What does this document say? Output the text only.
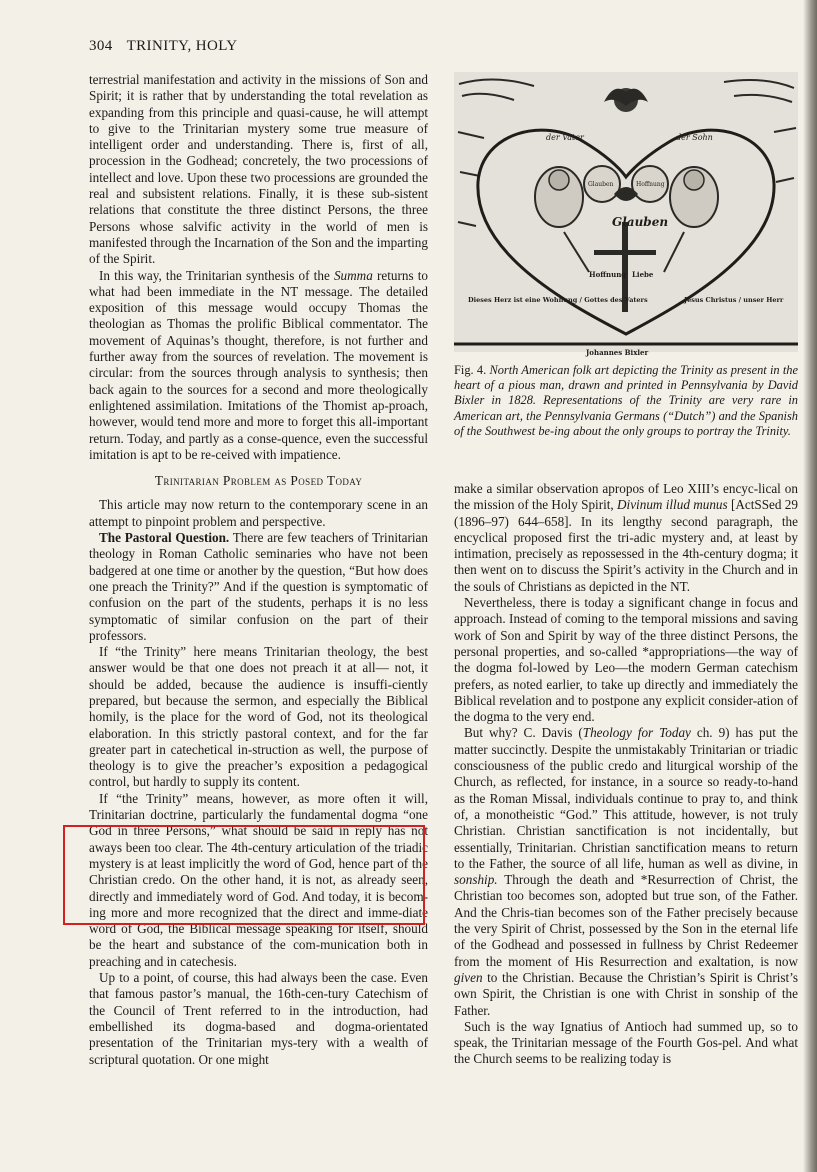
304 TRINITY, HOLY

terrestrial manifestation and activity in the missions of Son and Spirit; it is rather that by understanding the total revelation as expanding from this principle and quasi-cause, he will attempt to give to the Trinitarian mystery some true measure of intelligent order and understanding. There is, first of all, procession in the Godhead; concretely, the two processions of intellect and love. Upon these two processions are grounded the real and subsistent relations. Finally, it is these sub-sistent relations that constitute the three distinct Persons, the three Persons whose salvific activity in the world of men is manifested through the Incarnation of the Son and the imparting of the Spirit.

In this way, the Trinitarian synthesis of the Summa returns to what had been immediate in the NT message. The detailed exposition of this message would occupy Thomas the theologian as Thomas the prolific Biblical commentator. The movement of Aquinas’s thought, therefore, is not further and further away from the sources of revelation. The movement is circular: from the sources through analysis to synthesis; then back again to the sources for a second and more theologically enlightened assimilation. Imitations of the Thomist ap-proach, however, would tend more and more to forget this all-important return. Today, and partly as a conse-quence, even the successful imitation is apt to be re-ceived with impatience.

Trinitarian Problem as Posed Today

This article may now return to the contemporary scene in an attempt to pinpoint problem and perspective.

The Pastoral Question. There are few teachers of Trinitarian theology in Roman Catholic seminaries who have not been badgered at one time or another by the question, “But how does one preach the Trinity?” And if the question is symptomatic of confusion on the part of the students, perhaps it is no less symptomatic of similar confusion on the part of their professors.

If “the Trinity” here means Trinitarian theology, the best answer would be that one does not preach it at all— not, it should be added, because the audience is insuffi-ciently prepared, but because the sermon, and especially the Biblical homily, is the place for the word of God, not its theological elaboration. In this strictly pastoral context, and for the far greater part in catechetical in-struction as well, the purpose of theology is to give the preacher’s exposition a pedagogical control, but hardly to supply its content.

If “the Trinity” means, however, as more often it will, Trinitarian doctrine, particularly the fundamental dogma “one God in three Persons,” what should be said in reply has not aways been too clear. The 4th-century articulation of the triadic mystery is at least implicitly the word of God, hence part of the Christian credo. On the other hand, it is not, as already seen, directly and immediately word of God. And today, it is becom-ing more and more recognized that the direct and imme-diate word of God, the Biblical message speaking for itself, should be the heart and substance of the com-munication both in preaching and in catechesis.

Up to a point, of course, this had always been the case. Even that famous pastor’s manual, the 16th-cen-tury Catechism of the Council of Trent referred to in the introduction, had embellished its dogma-based and dogma-orientated presentation of the Trinitarian mys-tery with a wealth of scriptural quotation. Or one might

der Vater	der Sohn
Glauben
Glauben	Hoffnung
Hoffnung Liebe
Dieses Herz ist eine Wohnung / Gottes des Vaters	Jesus Christus / unser Herr
Johannes Bixler
Fig. 4. North American folk art depicting the Trinity as present in the heart of a pious man, drawn and printed in Pennsylvania by David Bixler in 1828. Representations of the Trinity are very rare in American art, the Pennsylvania Germans (“Dutch”) and the Spanish of the Southwest be-ing about the only groups to portray the Trinity.

make a similar observation apropos of Leo XIII’s encyc-lical on the mission of the Holy Spirit, Divinum illud munus [ActSSed 29 (1896–97) 644–658]. In its lengthy second paragraph, the encyclical proposed first the tri-adic mystery and, at least by intimation, precisely as repossessed in the 4th-century dogma; it then went on to discuss the Spirit’s activity in the Church and in the souls of Christians as depicted in the NT.

Nevertheless, there is today a significant change in focus and approach. Instead of coming to the temporal missions and saving work of Son and Spirit by way of the three distinct Persons, the personal properties, and so-called *appropriations—the way of the dogma fol-lowed by Leo—the modern German catechism prefers, as noted earlier, to take up directly and immediately the Biblical revelation and to postpone any explicit consider-ation of the dogma to the very end.

But why? C. Davis (Theology for Today ch. 9) has put the matter succinctly. Despite the unmistakably Trinitarian or triadic consciousness of the public credo and liturgical worship of the Church, as reflected, for instance, in a source so ready-to-hand as the Roman Missal, individuals continue to pray to, and think of, a monotheistic “God.” This attitude, however, is not truly Christian. Christian sanctification is not incidentally, but essentially, Trinitarian. Christian sanctification means to return to the Father, the source of all life, human as well as divine, in sonship. Through the death and *Resurrection of Christ, the Christian too becomes son, adopted but true son, of the Father. And the Chris-tian becomes son of the Father precisely because the very Spirit of Christ, possessed by the Son in the eternal life of the Godhead and possessed in fullness by Christ Redeemer from the moment of His Resurrection and exaltation, is now given to the Christian. Because the Christian’s Spirit is Christ’s own Spirit, the Christian is one with Christ in sonship of the Father.

Such is the way Ignatius of Antioch had summed up, so to speak, the Trinitarian message of the Fourth Gos-pel. And what the Church seems to be realizing today is
